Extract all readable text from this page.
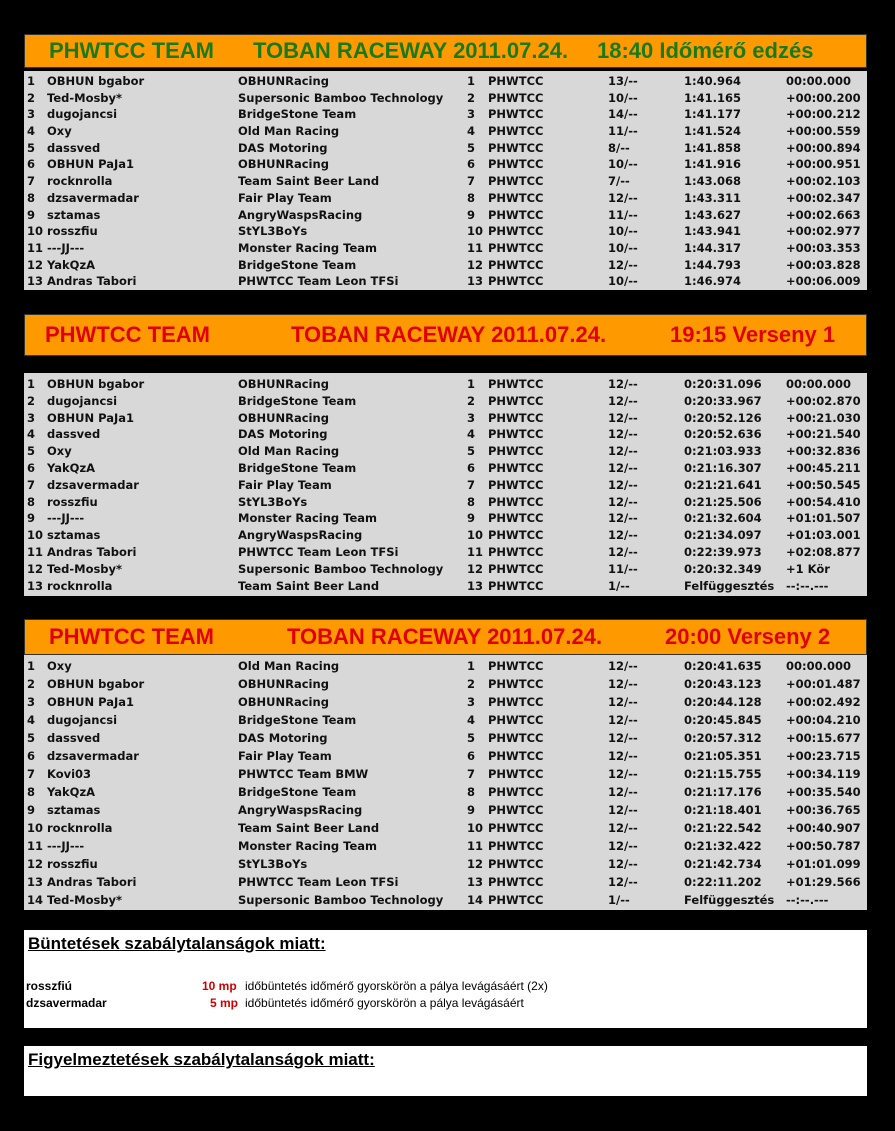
PHWTCC TEAM TOBAN RACEWAY 2011.07.24. 18:40 Időmérő edzés
1 OBHUN bgabor	OBHUNRacing	1 PHWTCC	13/--	1:40.964	00:00.000
2 Ted-Mosby*	Supersonic Bamboo Technology 2 PHWTCC	10/--	1:41.165	+00:00.200
3 dugojancsi	BridgeStone Team	3 PHWTCC	14/--	1:41.177	+00:00.212
4 Oxy	Old Man Racing	4 PHWTCC	11/--	1:41.524	+00:00.559
5 dassved	DAS Motoring	5 PHWTCC	8/--	1:41.858	+00:00.894
6 OBHUN PaJa1	OBHUNRacing	6 PHWTCC	10/--	1:41.916	+00:00.951
7 rocknrolla	Team Saint Beer Land	7 PHWTCC	7/--	1:43.068	+00:02.103
8 dzsavermadar	Fair Play Team	8 PHWTCC	12/--	1:43.311	+00:02.347
9 sztamas	AngryWaspsRacing	9 PHWTCC	11/--	1:43.627	+00:02.663
10 rosszfiu	StYL3BoYs	10 PHWTCC	10/--	1:43.941	+00:02.977
11 ---JJ---	Monster Racing Team	11 PHWTCC	10/--	1:44.317	+00:03.353
12 YakQzA	BridgeStone Team	12 PHWTCC	12/--	1:44.793	+00:03.828
13 Andras Tabori	PHWTCC Team Leon TFSi	13 PHWTCC	10/--	1:46.974	+00:06.009
PHWTCC TEAM	TOBAN RACEWAY 2011.07.24.	19:15 Verseny 1
1 OBHUN bgabor	OBHUNRacing	1 PHWTCC	12/--	0:20:31.096 00:00.000
2 dugojancsi	BridgeStone Team	2 PHWTCC	12/--	0:20:33.967 +00:02.870
3 OBHUN PaJa1	OBHUNRacing	3 PHWTCC	12/--	0:20:52.126 +00:21.030
4 dassved	DAS Motoring	4 PHWTCC	12/--	0:20:52.636 +00:21.540
5 Oxy	Old Man Racing	5 PHWTCC	12/--	0:21:03.933 +00:32.836
6 YakQzA	BridgeStone Team	6 PHWTCC	12/--	0:21:16.307 +00:45.211
7 dzsavermadar	Fair Play Team	7 PHWTCC	12/--	0:21:21.641 +00:50.545
8 rosszfiu	StYL3BoYs	8 PHWTCC	12/--	0:21:25.506 +00:54.410
9 ---JJ---	Monster Racing Team	9 PHWTCC	12/--	0:21:32.604 +01:01.507
10 sztamas	AngryWaspsRacing	10 PHWTCC	12/--	0:21:34.097 +01:03.001
11 Andras Tabori	PHWTCC Team Leon TFSi	11 PHWTCC	12/--	0:22:39.973 +02:08.877
12 Ted-Mosby*	Supersonic Bamboo Technology 12 PHWTCC	11/--	0:20:32.349 +1 Kör
13 rocknrolla	Team Saint Beer Land	13 PHWTCC	1/--	Felfüggesztés --:--.---
PHWTCC TEAM	TOBAN RACEWAY 2011.07.24.	20:00 Verseny 2
1 Oxy	Old Man Racing	1 PHWTCC	12/--	0:20:41.635 00:00.000
2 OBHUN bgabor	OBHUNRacing	2 PHWTCC	12/--	0:20:43.123 +00:01.487
3 OBHUN PaJa1	OBHUNRacing	3 PHWTCC	12/--	0:20:44.128 +00:02.492
4 dugojancsi	BridgeStone Team	4 PHWTCC	12/--	0:20:45.845 +00:04.210
5 dassved	DAS Motoring	5 PHWTCC	12/--	0:20:57.312 +00:15.677
6 dzsavermadar	Fair Play Team	6 PHWTCC	12/--	0:21:05.351 +00:23.715
7 Kovi03	PHWTCC Team BMW	7 PHWTCC	12/--	0:21:15.755 +00:34.119
8 YakQzA	BridgeStone Team	8 PHWTCC	12/--	0:21:17.176 +00:35.540
9 sztamas	AngryWaspsRacing	9 PHWTCC	12/--	0:21:18.401 +00:36.765
10 rocknrolla	Team Saint Beer Land	10 PHWTCC	12/--	0:21:22.542 +00:40.907
11 ---JJ---	Monster Racing Team	11 PHWTCC	12/--	0:21:32.422 +00:50.787
12 rosszfiu	StYL3BoYs	12 PHWTCC	12/--	0:21:42.734 +01:01.099
13 Andras Tabori	PHWTCC Team Leon TFSi	13 PHWTCC	12/--	0:22:11.202 +01:29.566
14 Ted-Mosby*	Supersonic Bamboo Technology 14 PHWTCC	1/--	Felfüggesztés --:--.---
Büntetések szabálytalanságok miatt:
rosszfiú	10 mp időbüntetés időmérő gyorskörön a pálya levágásáért (2x)
dzsavermadar	5 mp időbüntetés időmérő gyorskörön a pálya levágásáért
Figyelmeztetések szabálytalanságok miatt:
